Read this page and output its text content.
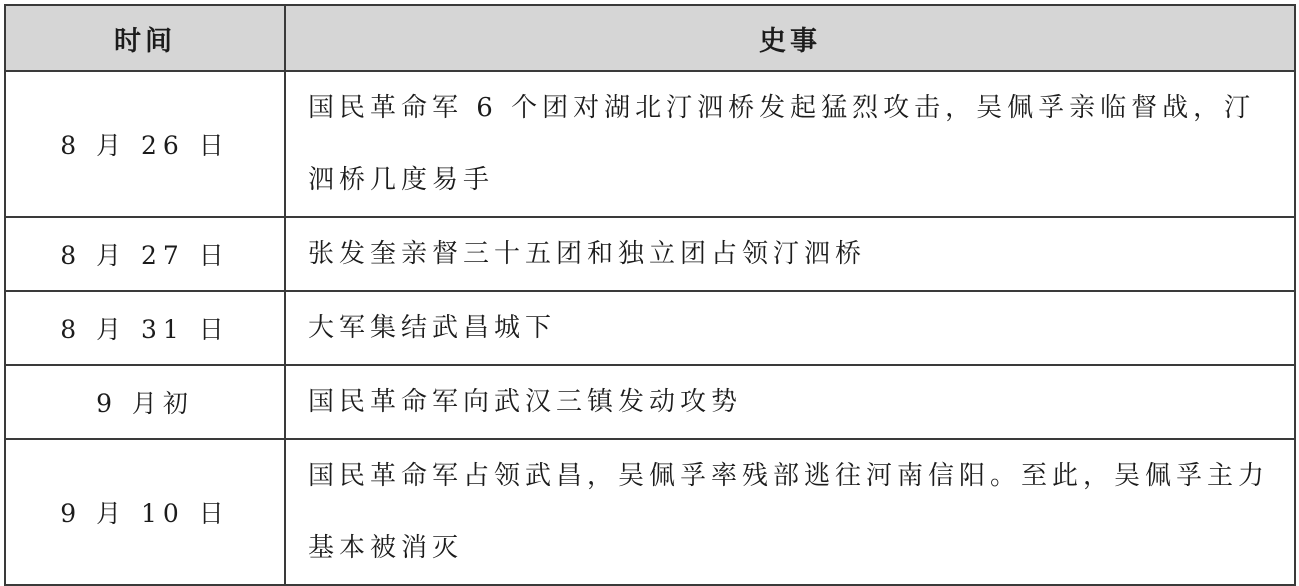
时间	史事
8 月 26 日	国民革命军 6 个团对湖北汀泗桥发起猛烈攻击，吴佩孚亲临督战，汀泗桥几度易手
8 月 27 日	张发奎亲督三十五团和独立团占领汀泗桥
8 月 31 日	大军集结武昌城下
9 月初	国民革命军向武汉三镇发动攻势
9 月 10 日	国民革命军占领武昌，吴佩孚率残部逃往河南信阳。至此，吴佩孚主力基本被消灭
